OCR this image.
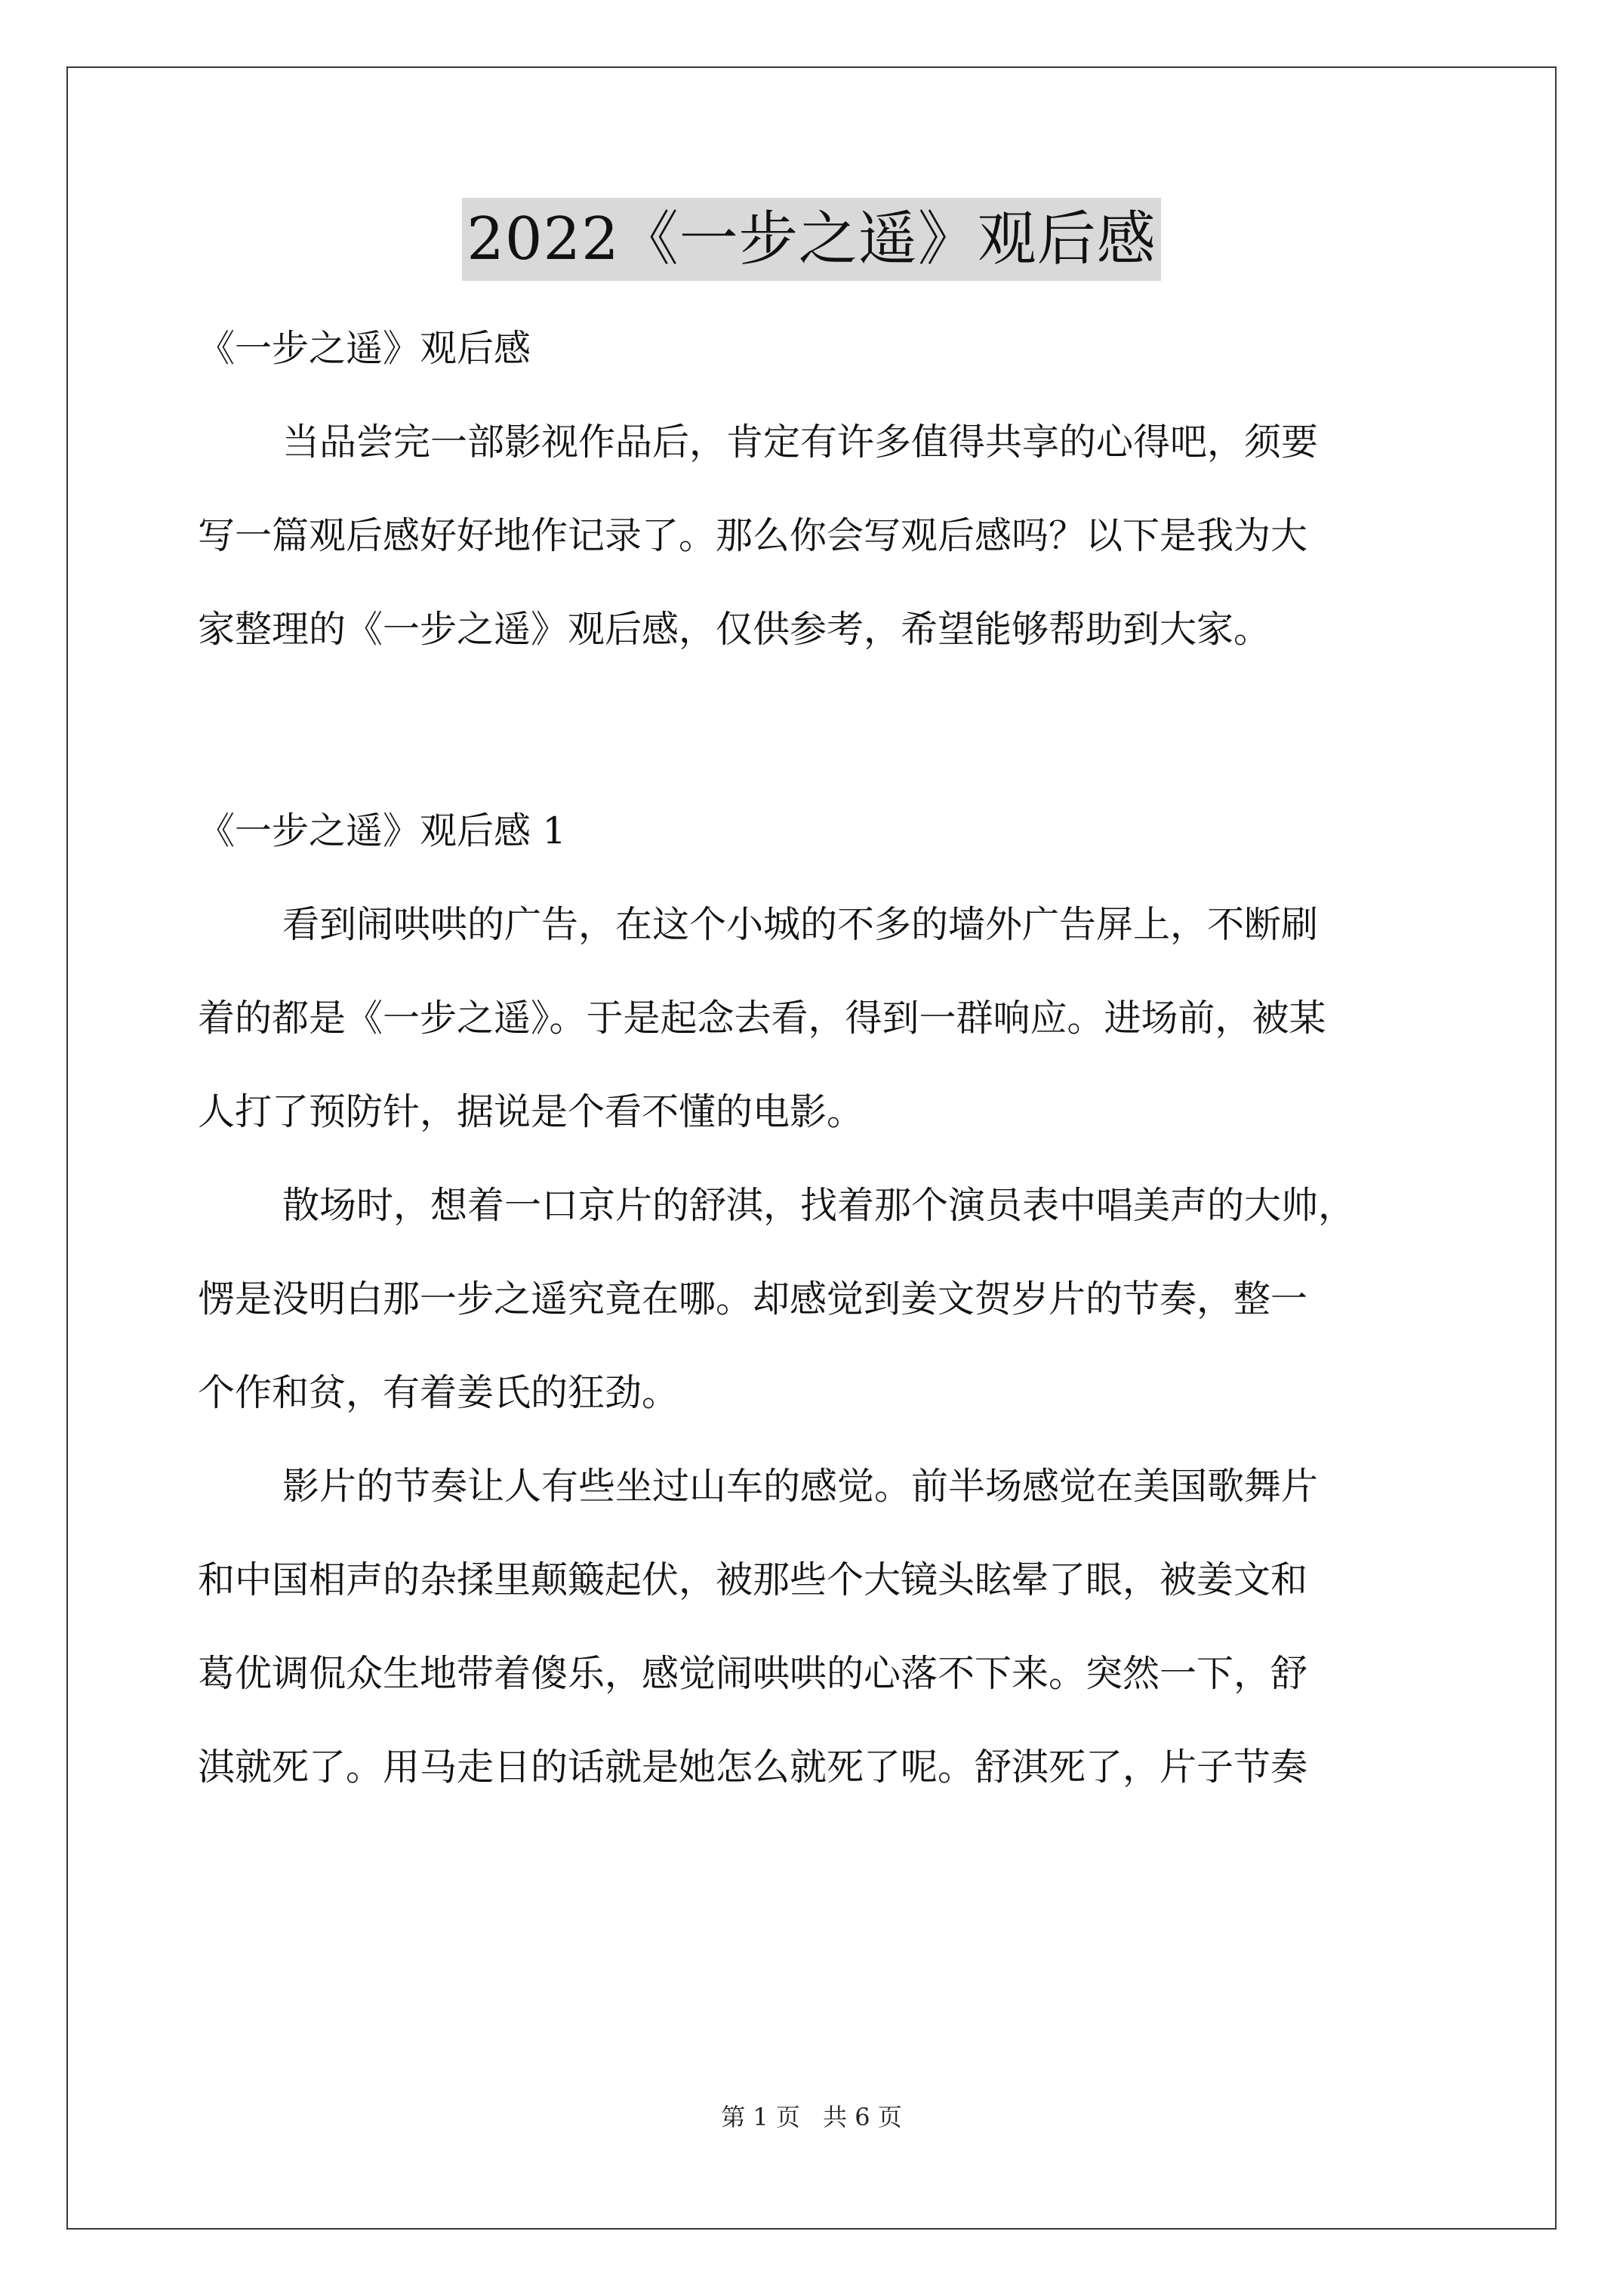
2022《一步之遥》观后感
《一步之遥》观后感
当品尝完一部影视作品后，肯定有许多值得共享的心得吧，须要
写一篇观后感好好地作记录了。那么你会写观后感吗？以下是我为大
家整理的《一步之遥》观后感，仅供参考，希望能够帮助到大家。
《一步之遥》观后感 1
看到闹哄哄的广告，在这个小城的不多的墙外广告屏上，不断刷
着的都是《一步之遥》。于是起念去看，得到一群响应。进场前，被某
人打了预防针，据说是个看不懂的电影。
散场时，想着一口京片的舒淇，找着那个演员表中唱美声的大帅，
愣是没明白那一步之遥究竟在哪。却感觉到姜文贺岁片的节奏，整一
个作和贫，有着姜氏的狂劲。
影片的节奏让人有些坐过山车的感觉。前半场感觉在美国歌舞片
和中国相声的杂揉里颠簸起伏，被那些个大镜头眩晕了眼，被姜文和
葛优调侃众生地带着傻乐，感觉闹哄哄的心落不下来。突然一下，舒
淇就死了。用马走日的话就是她怎么就死了呢。舒淇死了，片子节奏
第 1 页 共 6 页
